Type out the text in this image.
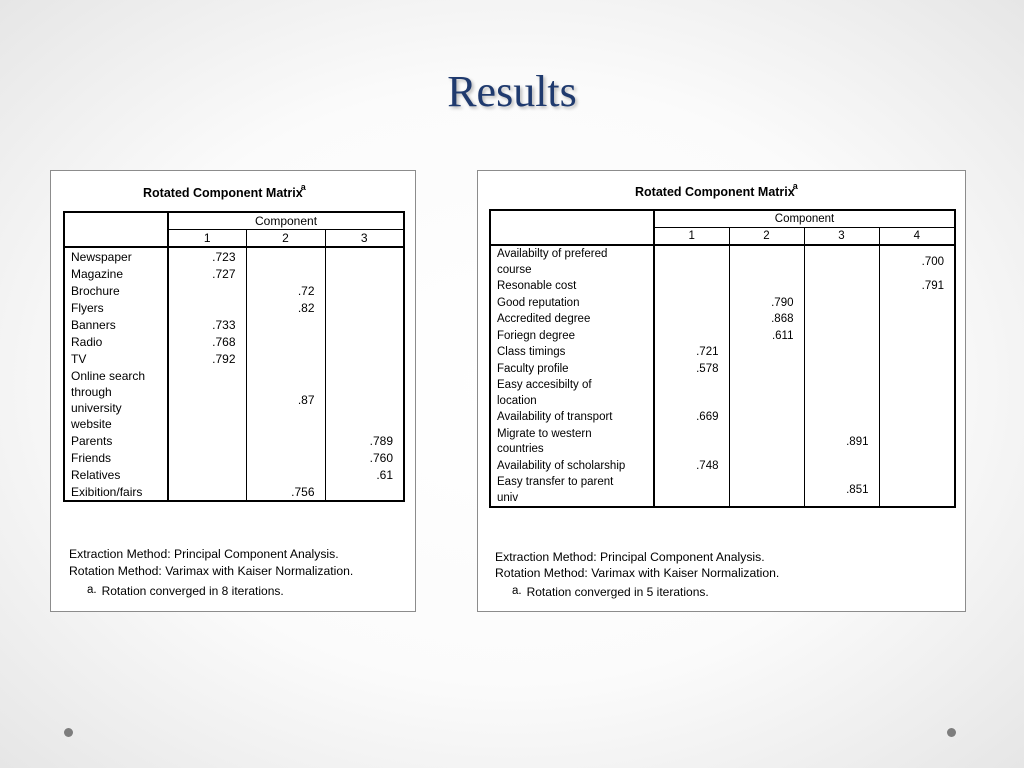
Results
Rotated Component Matrix$^a$
	Component		
	1	2	3

Newspaper	.723		

Magazine	.727		

Brochure		.72	

Flyers		.82	

Banners	.733		

Radio	.768		

TV	.792		

Online search
through
university
website		.87	

Parents			.789

Friends			.760

Relatives			.61

Exibition/fairs		.756	
Extraction Method: Principal Component Analysis.
Rotation Method: Varimax with Kaiser Normalization.
a. Rotation converged in 8 iterations.
Rotated Component Matrix$^a$
	Component			
	1	2	3	4

Availabilty of prefered
course				.700

Resonable cost				.791

Good reputation		.790		

Accredited degree		.868		

Foriegn degree		.611		

Class timings	.721			

Faculty profile	.578			

Easy accesibilty of
location				

Availability of transport	.669			

Migrate to western
countries			.891	

Availability of scholarship	.748			

Easy transfer to parent
univ			.851	
Extraction Method: Principal Component Analysis.
Rotation Method: Varimax with Kaiser Normalization.
a. Rotation converged in 5 iterations.
